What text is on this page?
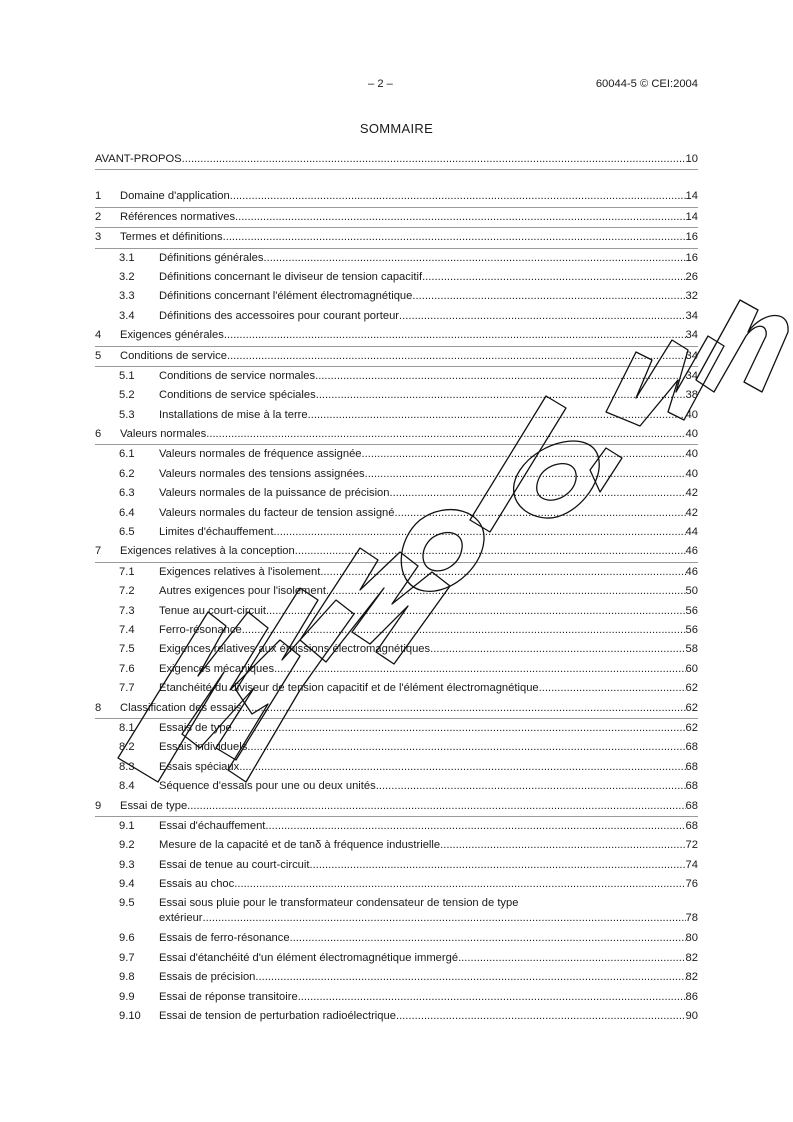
– 2 –	60044-5 © CEI:2004
SOMMAIRE
AVANT-PROPOS .....	10
1 Domaine d'application .....	14
2 Références normatives .....	14
3 Termes et définitions .....	16
3.1 Définitions générales .....	16
3.2 Définitions concernant le diviseur de tension capacitif .....	26
3.3 Définitions concernant l'élément électromagnétique .....	32
3.4 Définitions des accessoires pour courant porteur .....	34
4 Exigences générales .....	34
5 Conditions de service .....	34
5.1 Conditions de service normales .....	34
5.2 Conditions de service spéciales .....	38
5.3 Installations de mise à la terre .....	40
6 Valeurs normales .....	40
6.1 Valeurs normales de fréquence assignée .....	40
6.2 Valeurs normales des tensions assignées .....	40
6.3 Valeurs normales de la puissance de précision .....	42
6.4 Valeurs normales du facteur de tension assigné .....	42
6.5 Limites d'échauffement .....	44
7 Exigences relatives à la conception .....	46
7.1 Exigences relatives à l'isolement .....	46
7.2 Autres exigences pour l'isolement .....	50
7.3 Tenue au court-circuit .....	56
7.4 Ferro-résonance .....	56
7.5 Exigences relatives aux émissions électromagnétiques .....	58
7.6 Exigences mécaniques .....	60
7.7 Etanchéité du diviseur de tension capacitif et de l'élément électromagnétique .....	62
8 Classification des essais .....	62
8.1 Essais de type .....	62
8.2 Essais individuels .....	68
8.3 Essais spéciaux .....	68
8.4 Séquence d'essais pour une ou deux unités .....	68
9 Essai de type .....	68
9.1 Essai d'échauffement .....	68
9.2 Mesure de la capacité et de tanδ à fréquence industrielle .....	72
9.3 Essai de tenue au court-circuit .....	74
9.4 Essais au choc .....	76
9.5 Essai sous pluie pour le transformateur condensateur de tension de type
extérieur .....	78
9.6 Essais de ferro-résonance .....	80
9.7 Essai d'étanchéité d'un élément électromagnétique immergé .....	82
9.8 Essais de précision .....	82
9.9 Essai de réponse transitoire .....	86
9.10 Essai de tension de perturbation radioélectrique .....	90
